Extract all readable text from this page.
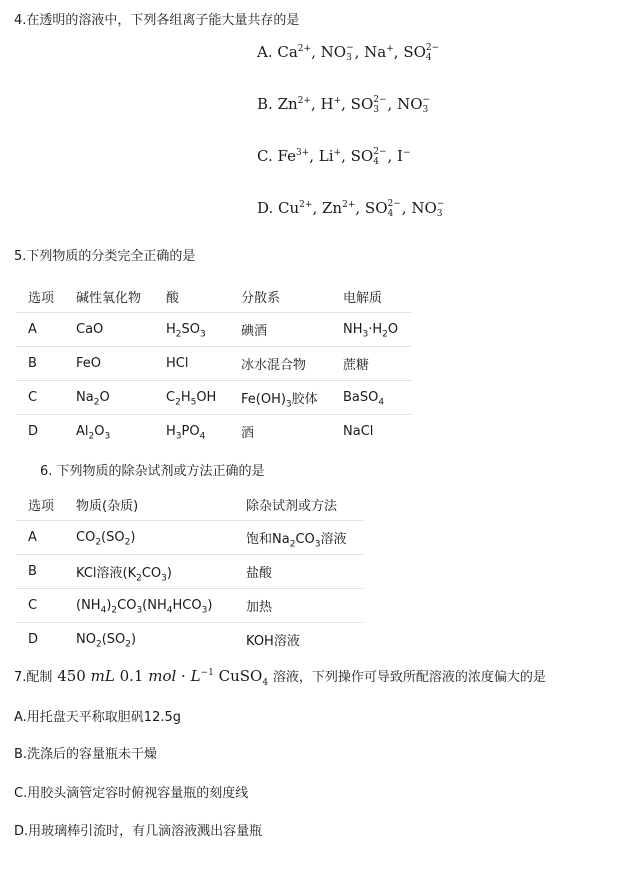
4.在透明的溶液中，下列各组离子能大量共存的是
A. $Ca^{2+}$, NO −
3 , Na+, SO 2−
4
B. $Zn^{2+}$, H+, SO 2−
3 , NO −
3
C. $Fe^{3+}$, Li+, SO 2−
4 , I−
D. $Cu^{2+}$, $Zn^{2+}$, SO 2−
4 , NO −
3
5.下列物质的分类完全正确的是
选项	碱性氧化物	酸	分散系	电解质
A	CaO	$H_2SO_3$	碘酒	$NH_3\cdot H_2O$
B	FeO	HCl	冰水混合物	蔗糖
C	$Na_2O$	$C_2H_5OH$	$Fe(OH)_3$胶体	BaSO$_4$
D	$Al_2O_3$	$H_3PO_4$	酒	NaCl
6. 下列物质的除杂试剂或方法正确的是
选项	物质(杂质)	除杂试剂或方法
A	$CO_2(SO_2)$	饱和$Na_2CO_3$溶液
B	KCl溶液$(K_2CO_3)$	盐酸
C	$(NH_4)_2CO_3(NH_4HCO_3)$	加热
D	$NO_2(SO_2)$	KOH溶液
7.配制 450 mL 0.1 mol · $L^{-1}$ CuSO$_4$ 溶液，下列操作可导致所配溶液的浓度偏大的是
A.用托盘天平称取胆矾12.5g
B.洗涤后的容量瓶未干燥
C.用胶头滴管定容时俯视容量瓶的刻度线
D.用玻璃棒引流时，有几滴溶液溅出容量瓶
